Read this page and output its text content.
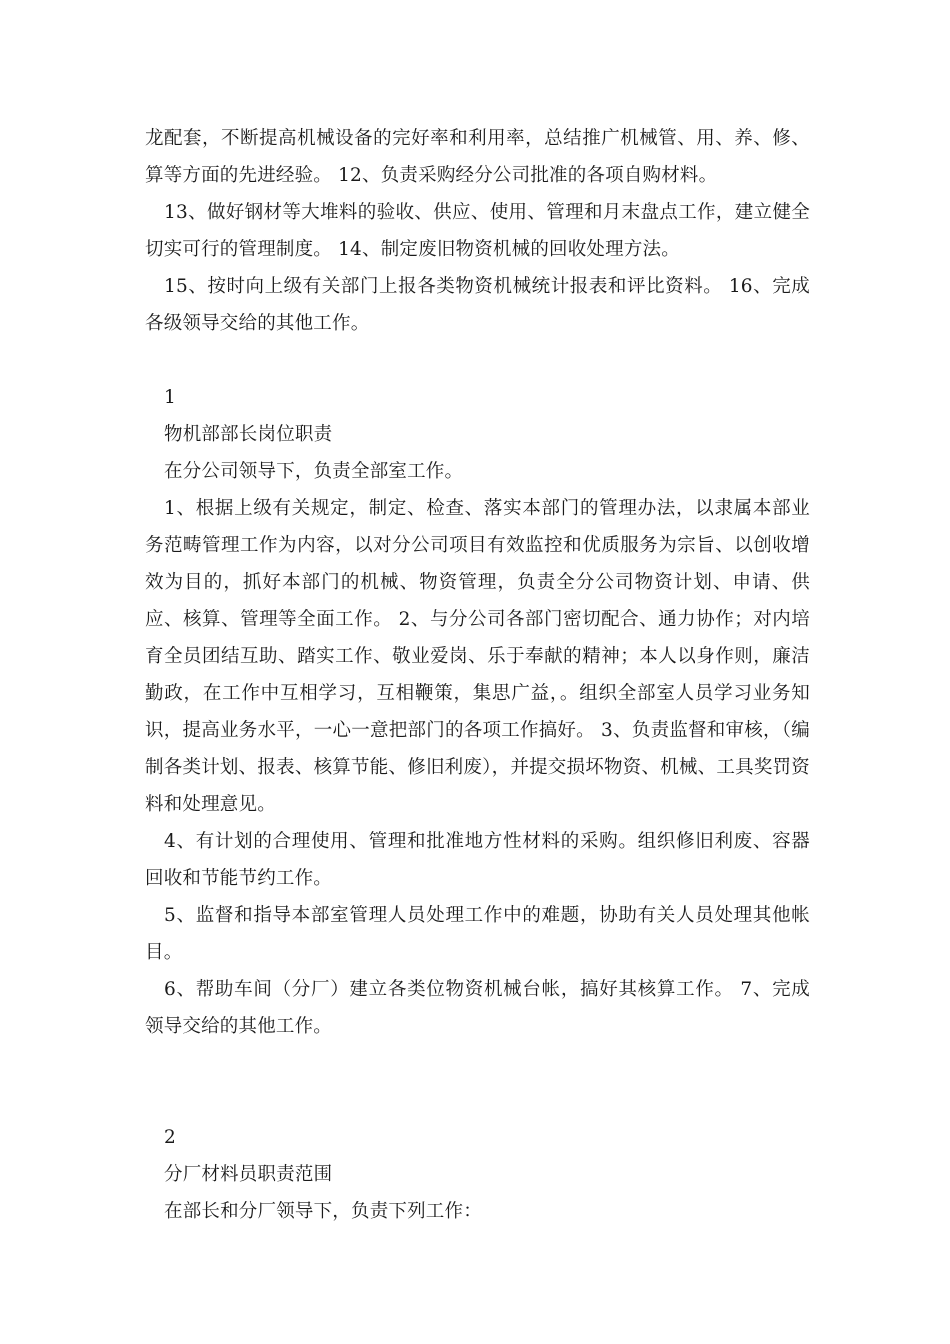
龙配套，不断提高机械设备的完好率和利用率，总结推广机械管、用、养、修、算等方面的先进经验。 12、负责采购经分公司批准的各项自购材料。

13、做好钢材等大堆料的验收、供应、使用、管理和月末盘点工作，建立健全切实可行的管理制度。 14、制定废旧物资机械的回收处理方法。

15、按时向上级有关部门上报各类物资机械统计报表和评比资料。 16、完成各级领导交给的其他工作。

1

物机部部长岗位职责

在分公司领导下，负责全部室工作。

1、根据上级有关规定，制定、检查、落实本部门的管理办法，以隶属本部业务范畴管理工作为内容，以对分公司项目有效监控和优质服务为宗旨、以创收增效为目的，抓好本部门的机械、物资管理，负责全分公司物资计划、申请、供应、核算、管理等全面工作。 2、与分公司各部门密切配合、通力协作；对内培育全员团结互助、踏实工作、敬业爱岗、乐于奉献的精神；本人以身作则，廉洁勤政，在工作中互相学习，互相鞭策，集思广益，。组织全部室人员学习业务知识，提高业务水平，一心一意把部门的各项工作搞好。 3、负责监督和审核，（编制各类计划、报表、核算节能、修旧利废），并提交损坏物资、机械、工具奖罚资料和处理意见。

4、有计划的合理使用、管理和批准地方性材料的采购。组织修旧利废、容器回收和节能节约工作。

5、监督和指导本部室管理人员处理工作中的难题，协助有关人员处理其他帐目。

6、帮助车间（分厂）建立各类位物资机械台帐，搞好其核算工作。 7、完成领导交给的其他工作。

2

分厂材料员职责范围

在部长和分厂领导下，负责下列工作：
